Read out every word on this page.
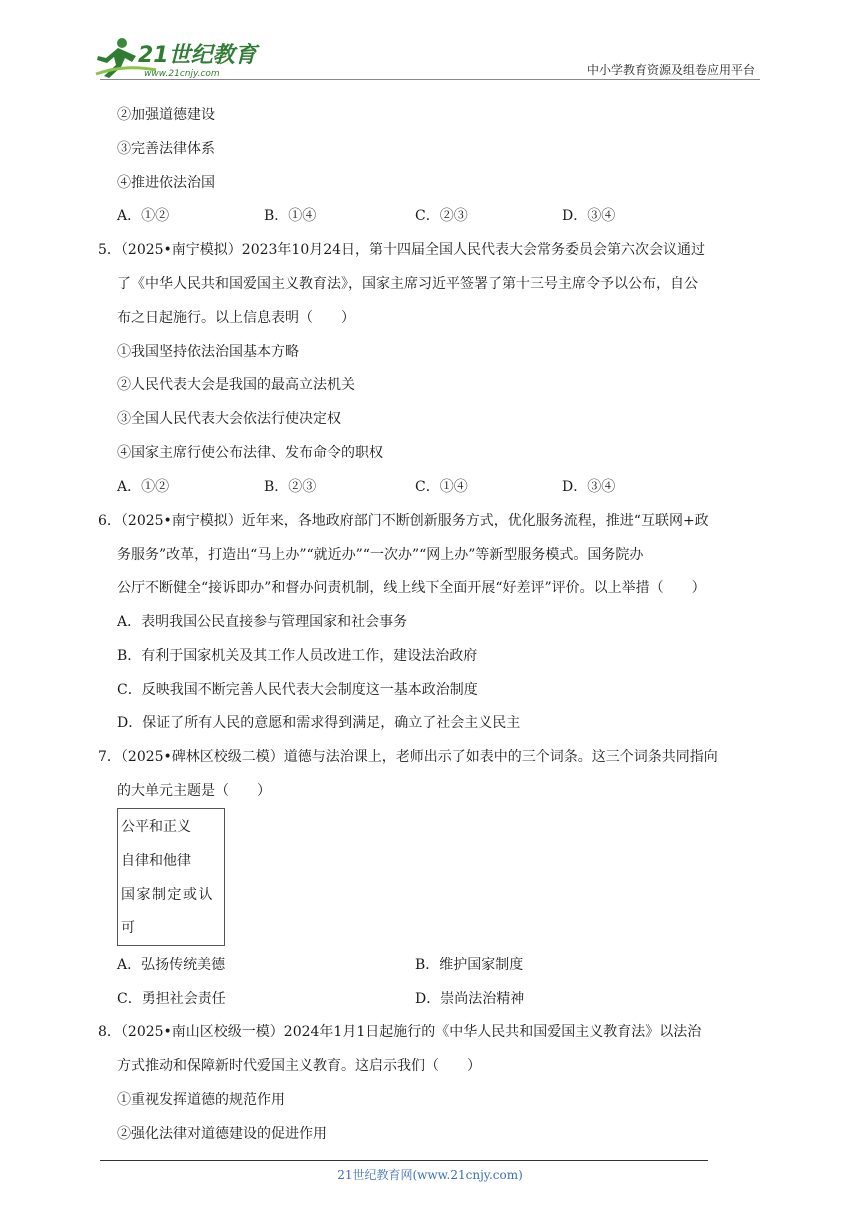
21世纪教育
www.21cnjy.com	中小学教育资源及组卷应用平台
②加强道德建设
③完善法律体系
④推进依法治国
A．①②	B．①④	C．②③	D．③④
5．（2025•南宁模拟）2023年10月24日，第十四届全国人民代表大会常务委员会第六次会议通过
了《中华人民共和国爱国主义教育法》，国家主席习近平签署了第十三号主席令予以公布，自公
布之日起施行。以上信息表明（　　）
①我国坚持依法治国基本方略
②人民代表大会是我国的最高立法机关
③全国人民代表大会依法行使决定权
④国家主席行使公布法律、发布命令的职权
A．①②	B．②③	C．①④	D．③④
6．（2025•南宁模拟）近年来，各地政府部门不断创新服务方式，优化服务流程，推进“互联网+政
务服务”改革，打造出“马上办”“就近办”“一次办”“网上办”等新型服务模式。国务院办
公厅不断健全“接诉即办”和督办问责机制，线上线下全面开展“好差评”评价。以上举措（　　）
A．表明我国公民直接参与管理国家和社会事务
B．有利于国家机关及其工作人员改进工作，建设法治政府
C．反映我国不断完善人民代表大会制度这一基本政治制度
D．保证了所有人民的意愿和需求得到满足，确立了社会主义民主
7．（2025•碑林区校级二模）道德与法治课上，老师出示了如表中的三个词条。这三个词条共同指向
的大单元主题是（　　）
公平和正义
自律和他律
国家制定或认
可
A．弘扬传统美德	B．维护国家制度
C．勇担社会责任	D．崇尚法治精神
8．（2025•南山区校级一模）2024年1月1日起施行的《中华人民共和国爱国主义教育法》以法治
方式推动和保障新时代爱国主义教育。这启示我们（　　）
①重视发挥道德的规范作用
②强化法律对道德建设的促进作用
21世纪教育网(www.21cnjy.com)
